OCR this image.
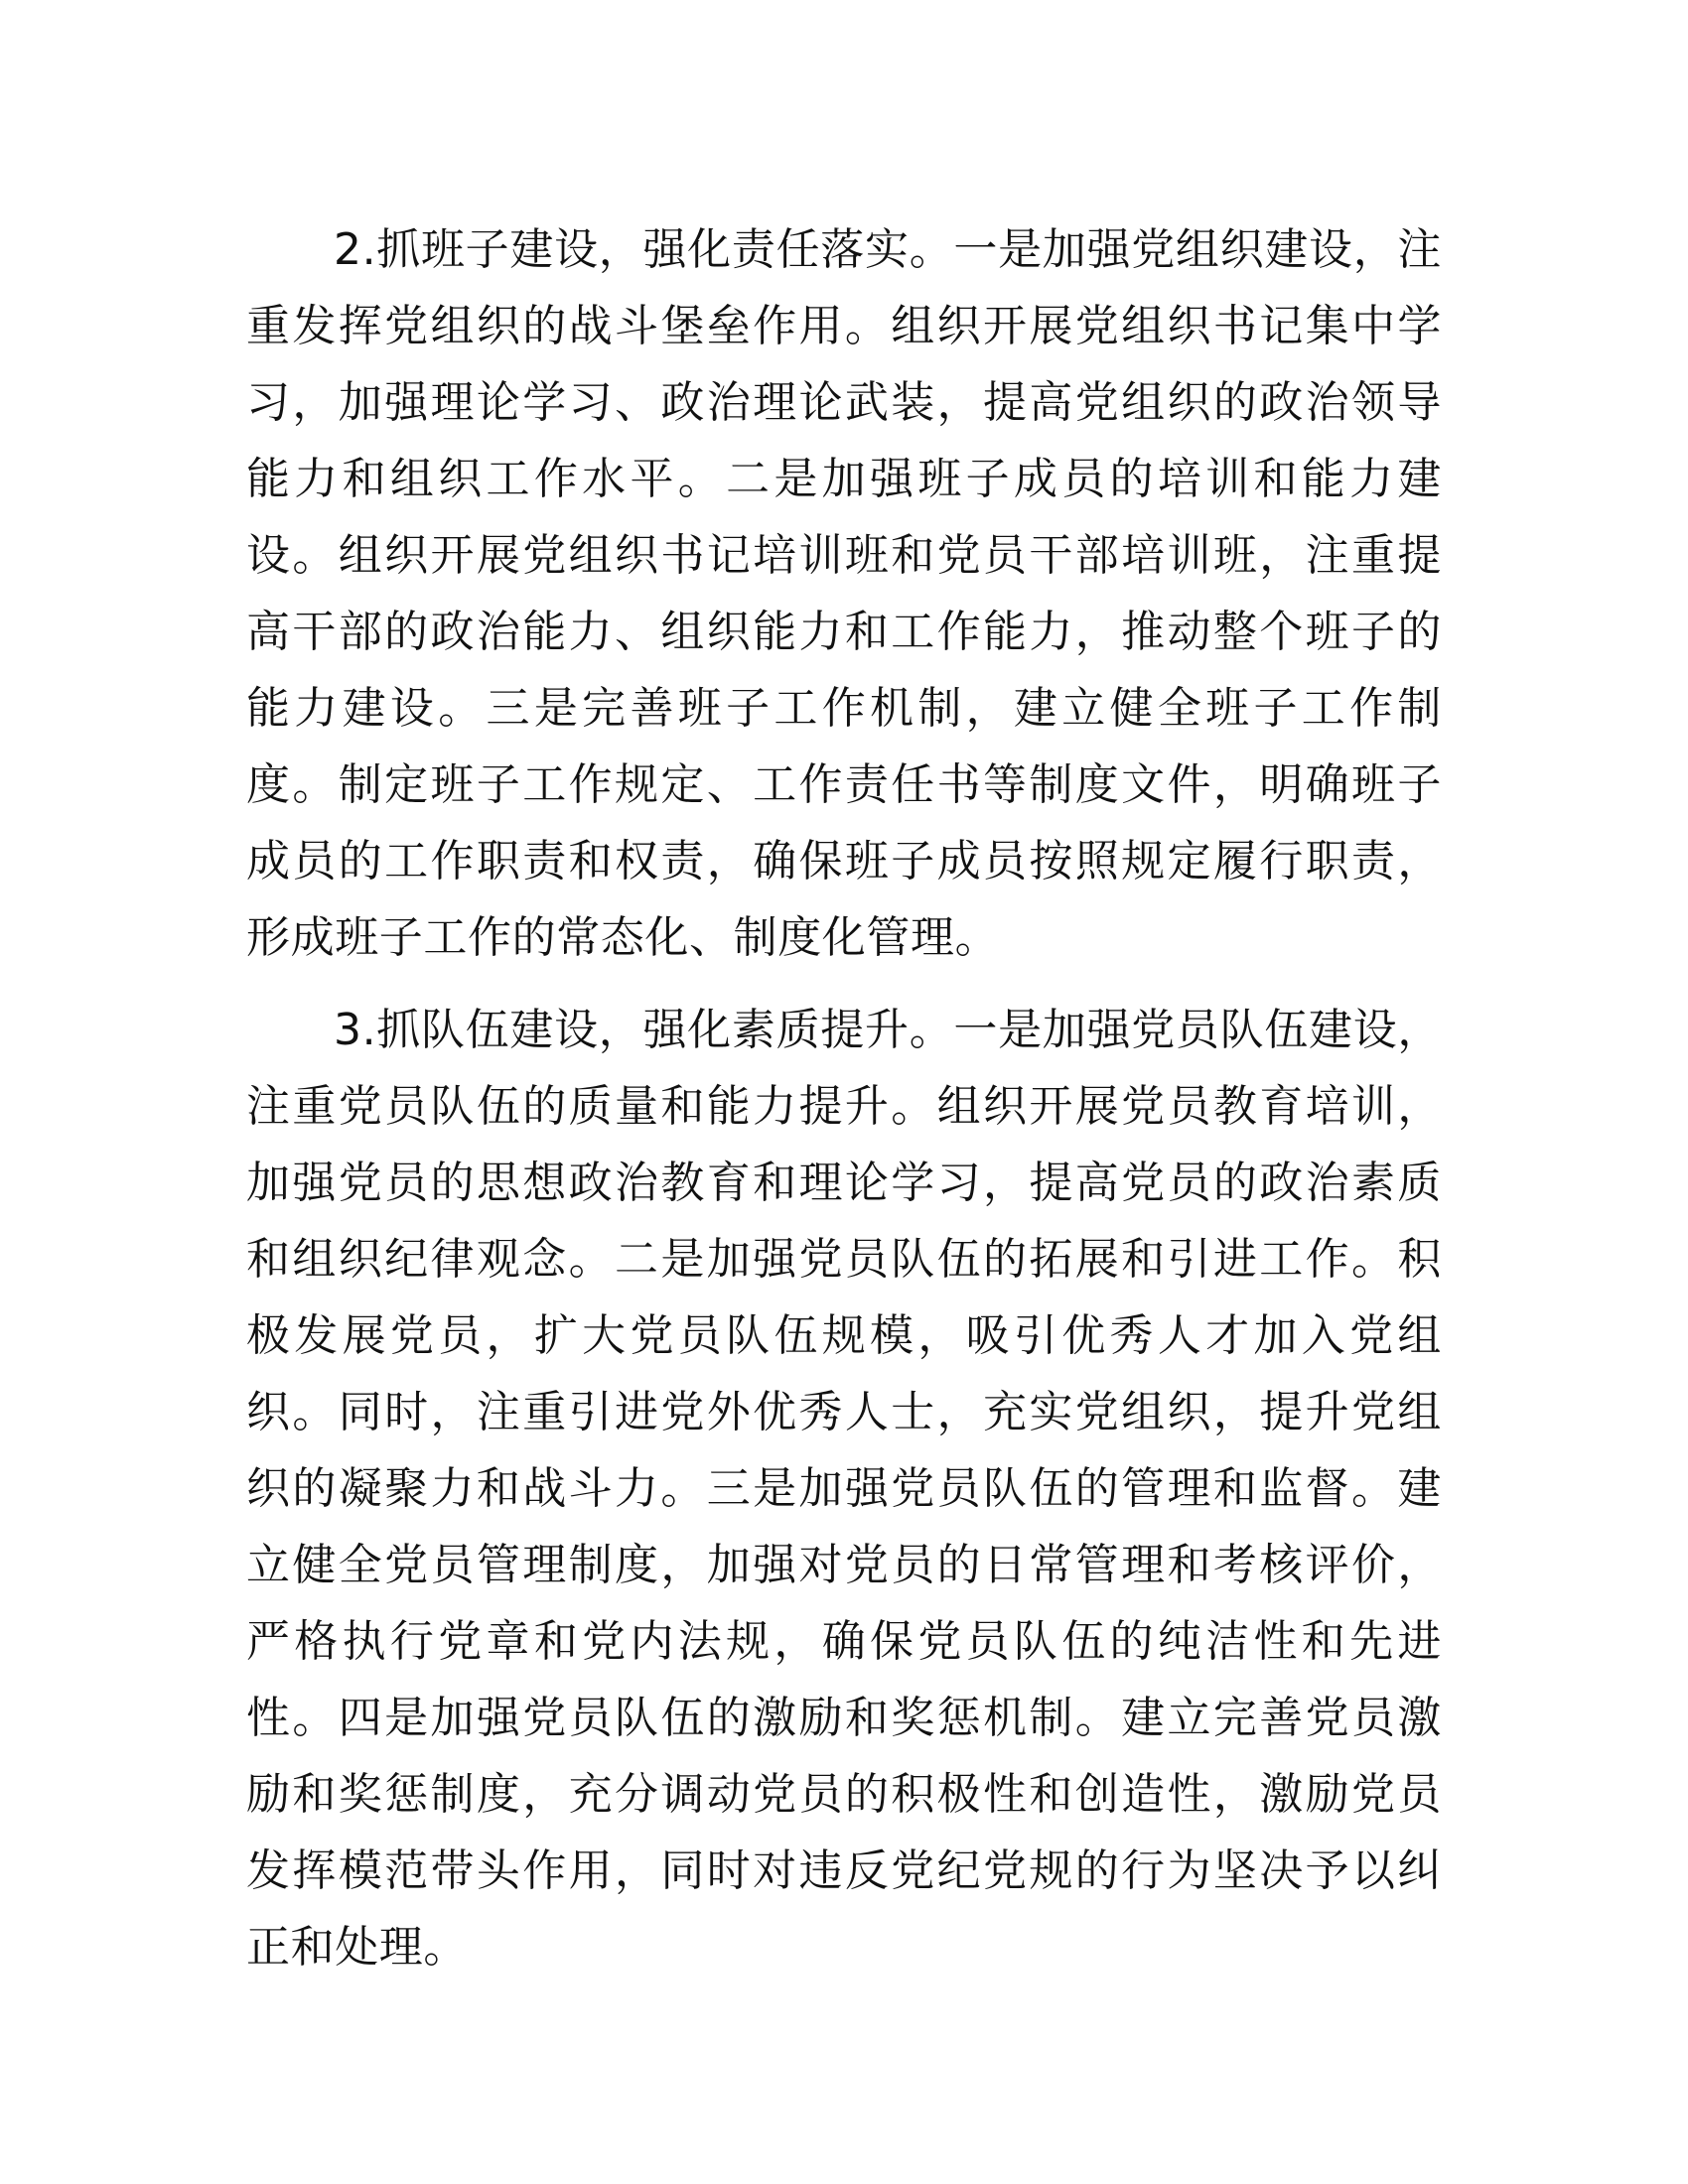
2.抓班子建设，强化责任落实。一是加强党组织建设，注重发挥党组织的战斗堡垒作用。组织开展党组织书记集中学习，加强理论学习、政治理论武装，提高党组织的政治领导能力和组织工作水平。二是加强班子成员的培训和能力建设。组织开展党组织书记培训班和党员干部培训班，注重提高干部的政治能力、组织能力和工作能力，推动整个班子的能力建设。三是完善班子工作机制，建立健全班子工作制度。制定班子工作规定、工作责任书等制度文件，明确班子成员的工作职责和权责，确保班子成员按照规定履行职责，形成班子工作的常态化、制度化管理。

3.抓队伍建设，强化素质提升。一是加强党员队伍建设，注重党员队伍的质量和能力提升。组织开展党员教育培训，加强党员的思想政治教育和理论学习，提高党员的政治素质和组织纪律观念。二是加强党员队伍的拓展和引进工作。积极发展党员，扩大党员队伍规模，吸引优秀人才加入党组织。同时，注重引进党外优秀人士，充实党组织，提升党组织的凝聚力和战斗力。三是加强党员队伍的管理和监督。建立健全党员管理制度，加强对党员的日常管理和考核评价，严格执行党章和党内法规，确保党员队伍的纯洁性和先进性。四是加强党员队伍的激励和奖惩机制。建立完善党员激励和奖惩制度，充分调动党员的积极性和创造性，激励党员发挥模范带头作用，同时对违反党纪党规的行为坚决予以纠正和处理。
